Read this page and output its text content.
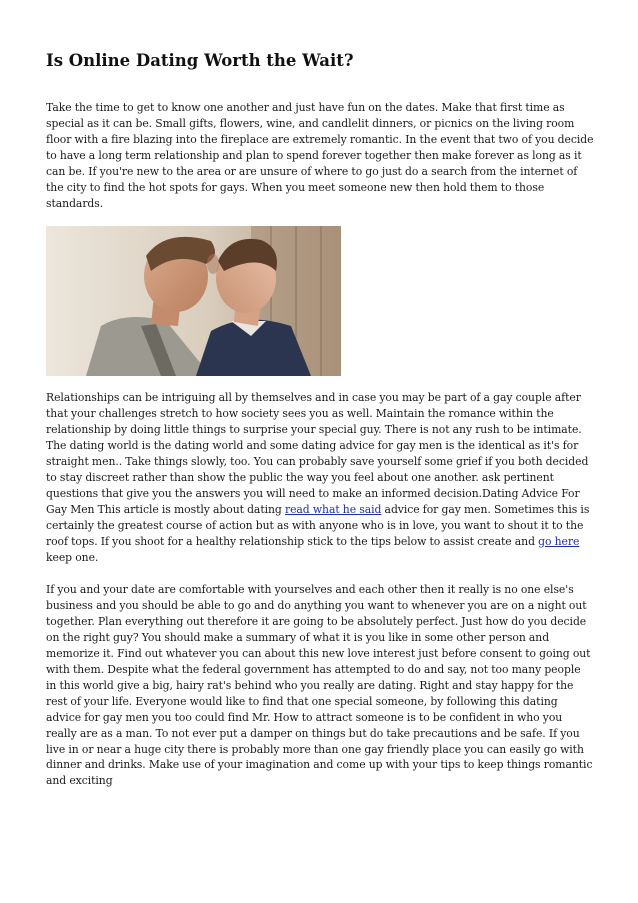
Is Online Dating Worth the Wait?

Take the time to get to know one another and just have fun on the dates. Make that first time as special as it can be. Small gifts, flowers, wine, and candlelit dinners, or picnics on the living room floor with a fire blazing into the fireplace are extremely romantic. In the event that two of you decide to have a long term relationship and plan to spend forever together then make forever as long as it can be. If you're new to the area or are unsure of where to go just do a search from the internet of the city to find the hot spots for gays. When you meet someone new then hold them to those standards.

Relationships can be intriguing all by themselves and in case you may be part of a gay couple after that your challenges stretch to how society sees you as well. Maintain the romance within the relationship by doing little things to surprise your special guy. There is not any rush to be intimate. The dating world is the dating world and some dating advice for gay men is the identical as it's for straight men.. Take things slowly, too. You can probably save yourself some grief if you both decided to stay discreet rather than show the public the way you feel about one another. ask pertinent questions that give you the answers you will need to make an informed decision.Dating Advice For Gay Men This article is mostly about dating read what he said advice for gay men. Sometimes this is certainly the greatest course of action but as with anyone who is in love, you want to shout it to the roof tops. If you shoot for a healthy relationship stick to the tips below to assist create and go here keep one.

If you and your date are comfortable with yourselves and each other then it really is no one else's business and you should be able to go and do anything you want to whenever you are on a night out together. Plan everything out therefore it are going to be absolutely perfect. Just how do you decide on the right guy? You should make a summary of what it is you like in some other person and memorize it. Find out whatever you can about this new love interest just before consent to going out with them. Despite what the federal government has attempted to do and say, not too many people in this world give a big, hairy rat's behind who you really are dating. Right and stay happy for the rest of your life. Everyone would like to find that one special someone, by following this dating advice for gay men you too could find Mr. How to attract someone is to be confident in who you really are as a man. To not ever put a damper on things but do take precautions and be safe. If you live in or near a huge city there is probably more than one gay friendly place you can easily go with dinner and drinks. Make use of your imagination and come up with your tips to keep things romantic and exciting
